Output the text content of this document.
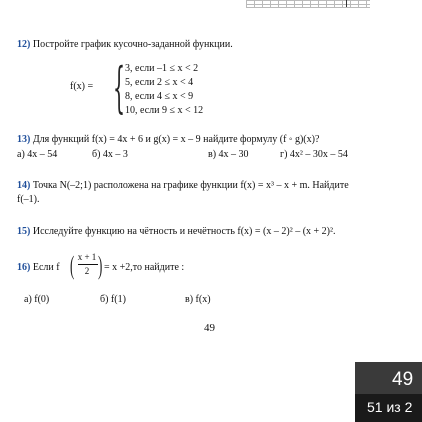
12) Постройте график кусочно-заданной функции.
f(x) = { 3, если –1 ≤ x < 2
5, если 2 ≤ x < 4
8, если 4 ≤ x < 9
10, если 9 ≤ x < 12
13) Для функций f(x) = 4x + 6 и g(x) = x – 9 найдите формулу (f ◦ g)(x)?
а) 4x – 54	б) 4x – 3	в) 4x – 30	г) 4x² – 30x – 54
14) Точка N(–2;1) расположена на графике функции f(x) = x³ – x + m. Найдите
f(–1).
15) Исследуйте функцию на чётность и нечётность f(x) = (x – 2)² – (x + 2)².
16) Если f ( x + 1
2 ) = x +2,то найдите :
а) f(0)	б) f(1)	в) f(x)
49
49
51 из 2
